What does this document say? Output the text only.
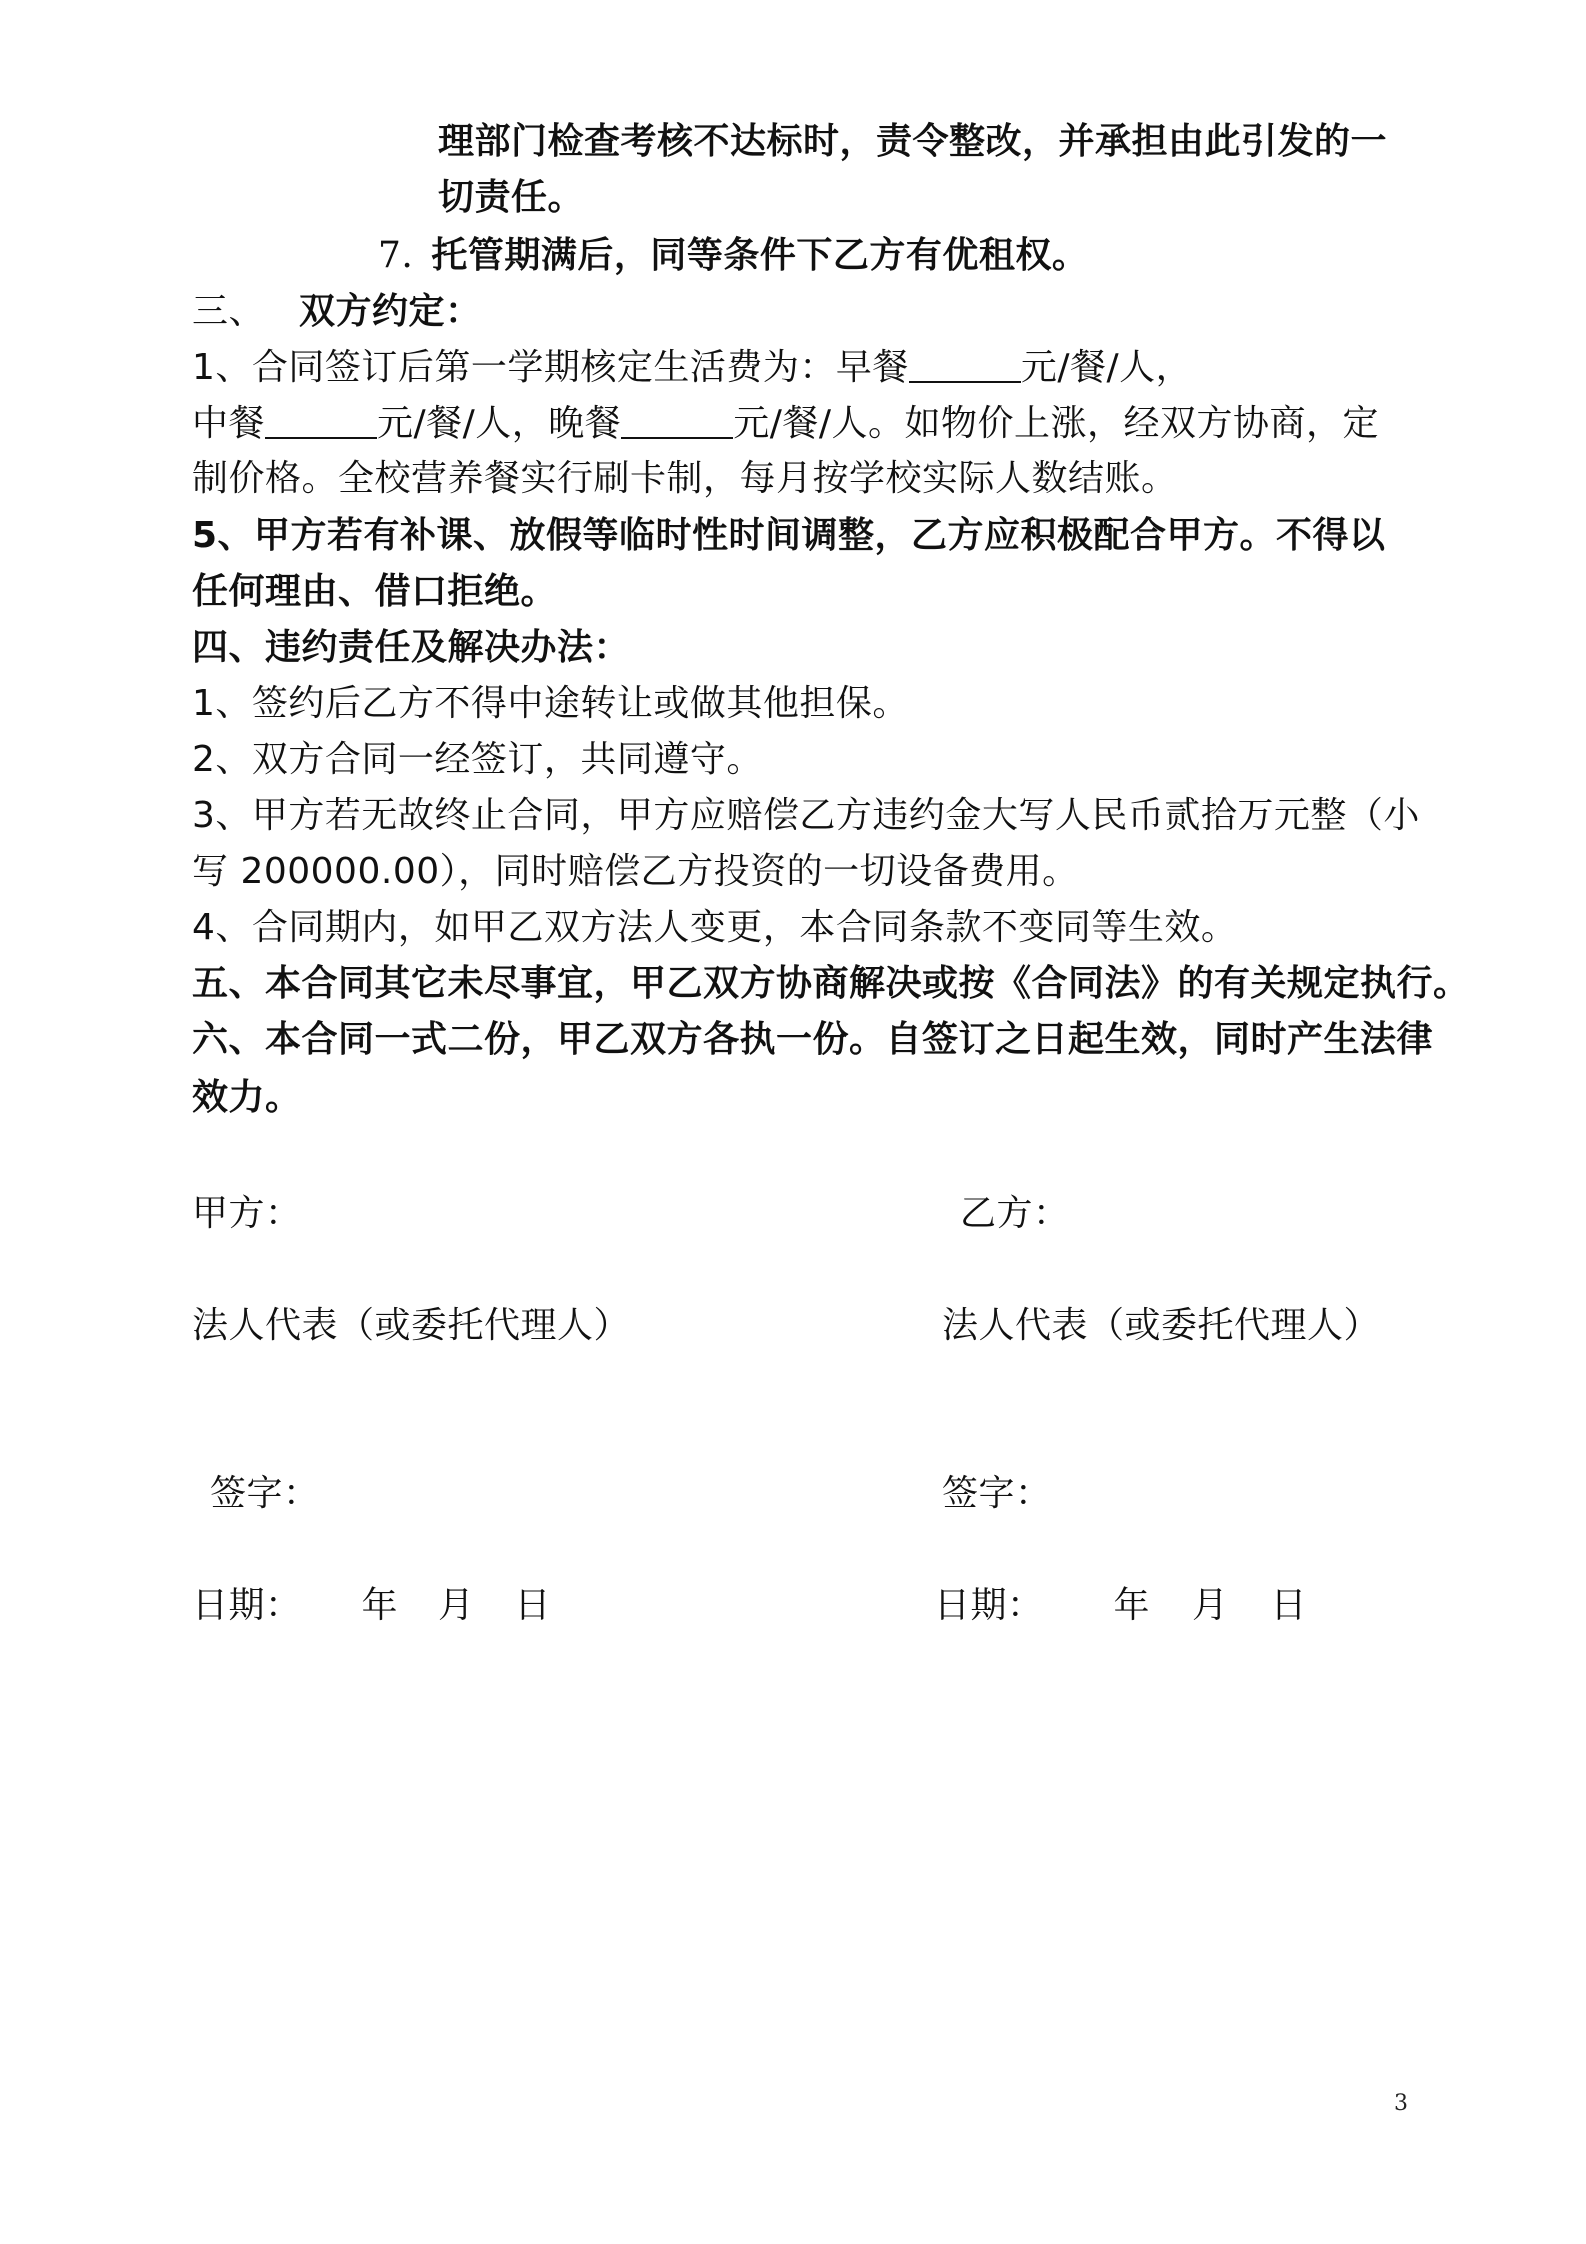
理部门检查考核不达标时，责令整改，并承担由此引发的一
切责任。
7. 托管期满后，同等条件下乙方有优租权。
三、 双方约定：
1、合同签订后第一学期核定生活费为：早餐	元/餐/人，
中餐	元/餐/人，晚餐	元/餐/人。如物价上涨，经双方协商，定
制价格。全校营养餐实行刷卡制，每月按学校实际人数结账。
5、甲方若有补课、放假等临时性时间调整，乙方应积极配合甲方。不得以
任何理由、借口拒绝。
四、违约责任及解决办法：
1、签约后乙方不得中途转让或做其他担保。
2、双方合同一经签订，共同遵守。
3、甲方若无故终止合同，甲方应赔偿乙方违约金大写人民币贰拾万元整（小
写 200000.00），同时赔偿乙方投资的一切设备费用。
4、合同期内，如甲乙双方法人变更，本合同条款不变同等生效。
五、本合同其它未尽事宜，甲乙双方协商解决或按《合同法》的有关规定执行。
六、本合同一式二份，甲乙双方各执一份。自签订之日起生效，同时产生法律
效力。
甲方：	乙方：
法人代表（或委托代理人）	法人代表（或委托代理人）
签字：	签字：
日期： 年 月 日	日期： 年 月 日
3
